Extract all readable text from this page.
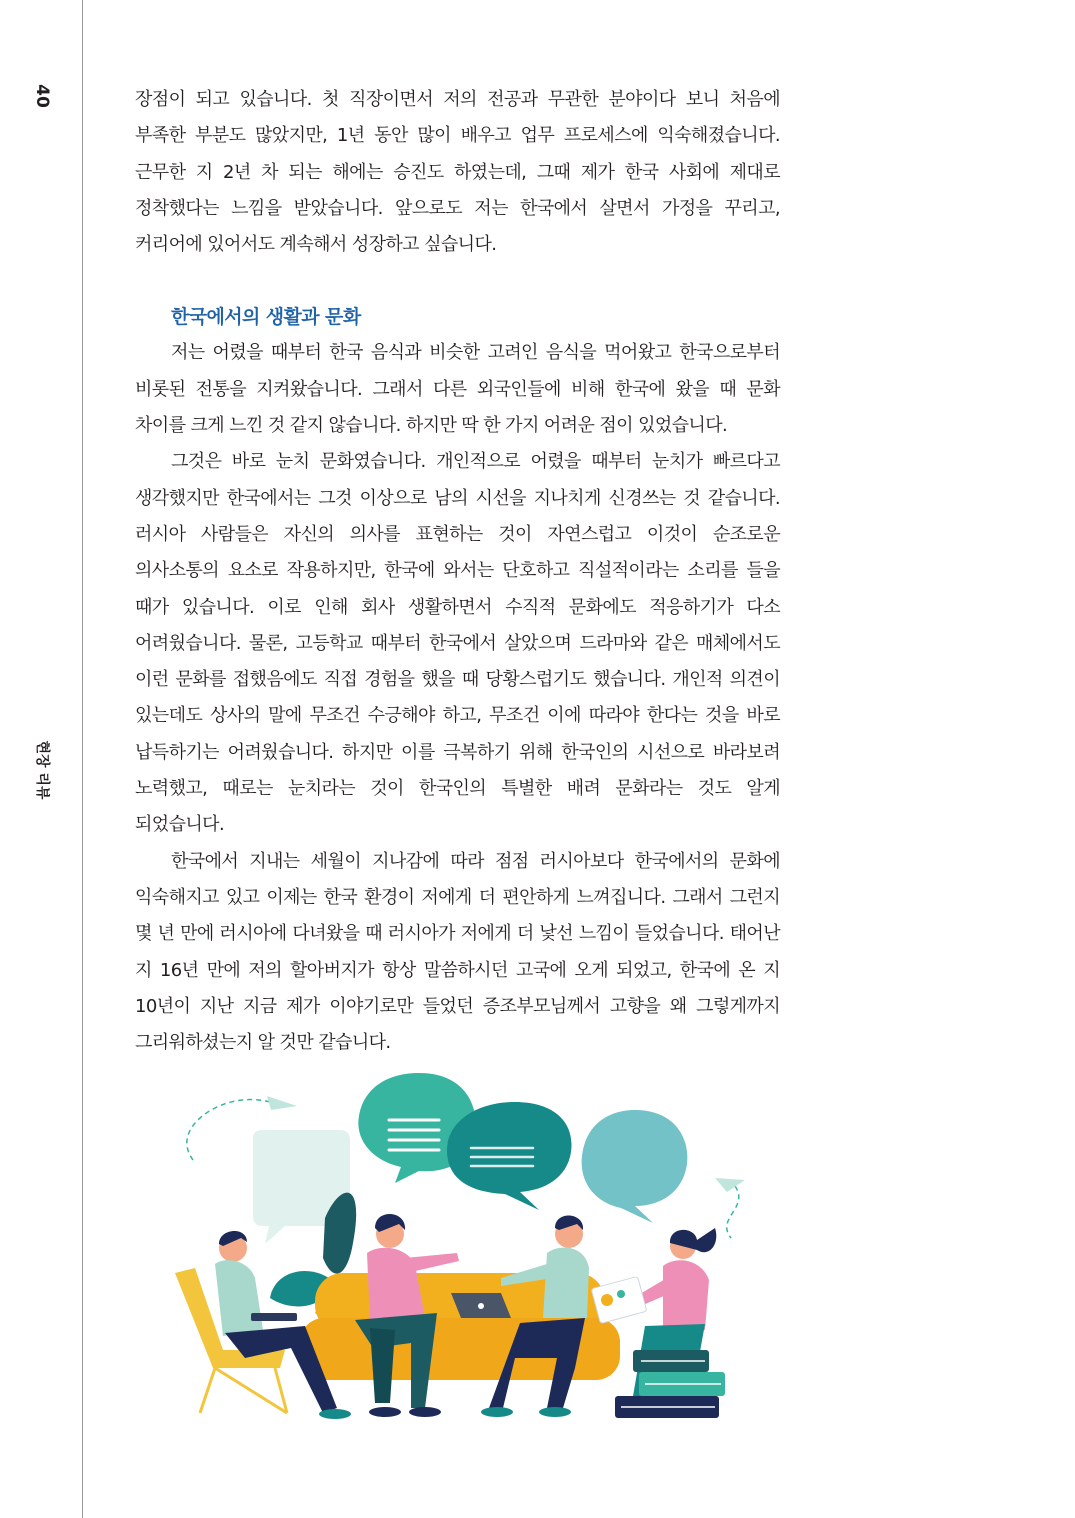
40
현장 리뷰

장점이 되고 있습니다. 첫 직장이면서 저의 전공과 무관한 분야이다 보니 처음에 부족한 부분도 많았지만, 1년 동안 많이 배우고 업무 프로세스에 익숙해졌습니다. 근무한 지 2년 차 되는 해에는 승진도 하였는데, 그때 제가 한국 사회에 제대로 정착했다는 느낌을 받았습니다. 앞으로도 저는 한국에서 살면서 가정을 꾸리고, 커리어에 있어서도 계속해서 성장하고 싶습니다.

한국에서의 생활과 문화

저는 어렸을 때부터 한국 음식과 비슷한 고려인 음식을 먹어왔고 한국으로부터 비롯된 전통을 지켜왔습니다. 그래서 다른 외국인들에 비해 한국에 왔을 때 문화 차이를 크게 느낀 것 같지 않습니다. 하지만 딱 한 가지 어려운 점이 있었습니다.

그것은 바로 눈치 문화였습니다. 개인적으로 어렸을 때부터 눈치가 빠르다고 생각했지만 한국에서는 그것 이상으로 남의 시선을 지나치게 신경쓰는 것 같습니다. 러시아 사람들은 자신의 의사를 표현하는 것이 자연스럽고 이것이 순조로운 의사소통의 요소로 작용하지만, 한국에 와서는 단호하고 직설적이라는 소리를 들을 때가 있습니다. 이로 인해 회사 생활하면서 수직적 문화에도 적응하기가 다소 어려웠습니다. 물론, 고등학교 때부터 한국에서 살았으며 드라마와 같은 매체에서도 이런 문화를 접했음에도 직접 경험을 했을 때 당황스럽기도 했습니다. 개인적 의견이 있는데도 상사의 말에 무조건 수긍해야 하고, 무조건 이에 따라야 한다는 것을 바로 납득하기는 어려웠습니다. 하지만 이를 극복하기 위해 한국인의 시선으로 바라보려 노력했고, 때로는 눈치라는 것이 한국인의 특별한 배려 문화라는 것도 알게 되었습니다.

한국에서 지내는 세월이 지나감에 따라 점점 러시아보다 한국에서의 문화에 익숙해지고 있고 이제는 한국 환경이 저에게 더 편안하게 느껴집니다. 그래서 그런지 몇 년 만에 러시아에 다녀왔을 때 러시아가 저에게 더 낯선 느낌이 들었습니다. 태어난 지 16년 만에 저의 할아버지가 항상 말씀하시던 고국에 오게 되었고, 한국에 온 지 10년이 지난 지금 제가 이야기로만 들었던 증조부모님께서 고향을 왜 그렇게까지 그리워하셨는지 알 것만 같습니다.
